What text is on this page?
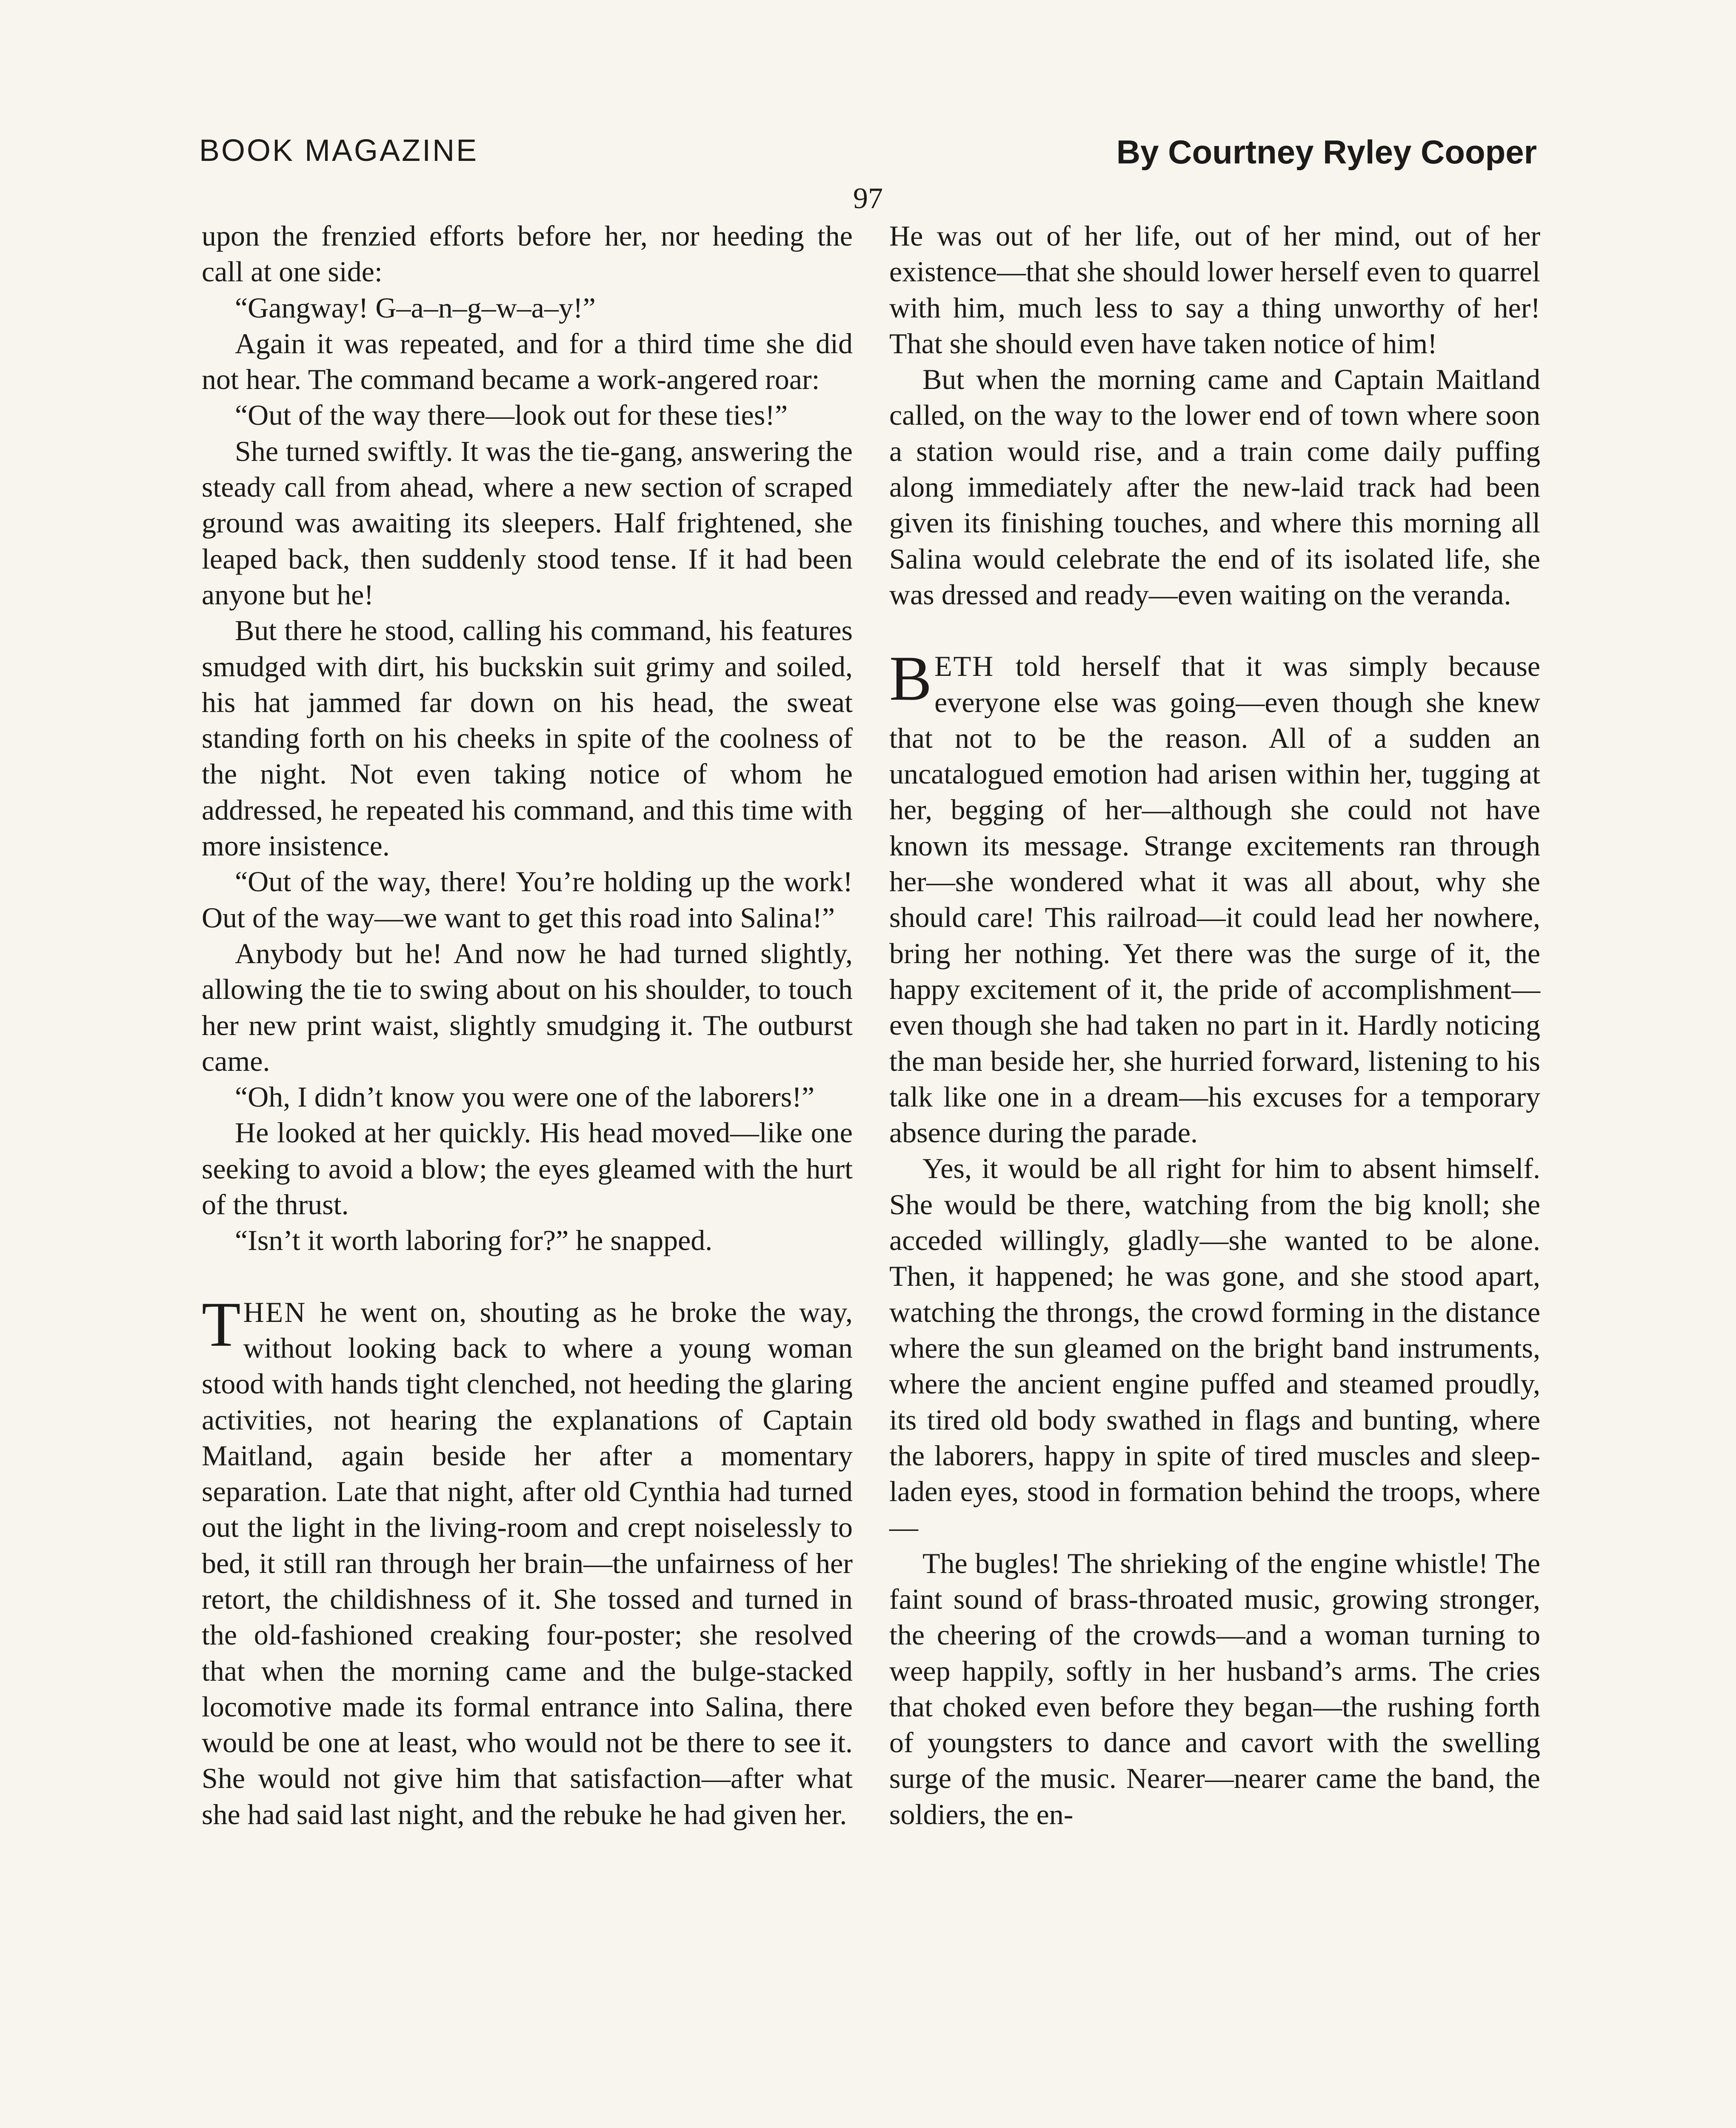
BOOK MAGAZINE	By Courtney Ryley Cooper
97

upon the frenzied efforts before her, nor heeding the call at one side:

“Gangway! G–a–n–g–w–a–y!”

Again it was repeated, and for a third time she did not hear. The command became a work-angered roar:

“Out of the way there—look out for these ties!”

She turned swiftly. It was the tie-gang, answering the steady call from ahead, where a new section of scraped ground was awaiting its sleepers. Half frightened, she leaped back, then suddenly stood tense. If it had been anyone but he!

But there he stood, calling his command, his features smudged with dirt, his buckskin suit grimy and soiled, his hat jammed far down on his head, the sweat standing forth on his cheeks in spite of the coolness of the night. Not even taking notice of whom he addressed, he repeated his command, and this time with more insistence.

“Out of the way, there! You’re holding up the work! Out of the way—we want to get this road into Salina!”

Anybody but he! And now he had turned slightly, allowing the tie to swing about on his shoulder, to touch her new print waist, slightly smudging it. The outburst came.

“Oh, I didn’t know you were one of the laborers!”

He looked at her quickly. His head moved—like one seeking to avoid a blow; the eyes gleamed with the hurt of the thrust.

“Isn’t it worth laboring for?” he snapped.

THEN he went on, shouting as he broke the way, without looking back to where a young woman stood with hands tight clenched, not heeding the glaring activities, not hearing the explanations of Captain Maitland, again beside her after a momentary separation. Late that night, after old Cynthia had turned out the light in the living-room and crept noiselessly to bed, it still ran through her brain—the unfairness of her retort, the childishness of it. She tossed and turned in the old-fashioned creaking four-poster; she resolved that when the morning came and the bulge-stacked locomotive made its formal entrance into Salina, there would be one at least, who would not be there to see it. She would not give him that satisfaction—after what she had said last night, and the rebuke he had given her.

He was out of her life, out of her mind, out of her existence—that she should lower herself even to quarrel with him, much less to say a thing unworthy of her! That she should even have taken notice of him!

But when the morning came and Captain Maitland called, on the way to the lower end of town where soon a station would rise, and a train come daily puffing along immediately after the new-laid track had been given its finishing touches, and where this morning all Salina would celebrate the end of its isolated life, she was dressed and ready—even waiting on the veranda.

BETH told herself that it was simply because everyone else was going—even though she knew that not to be the reason. All of a sudden an uncatalogued emotion had arisen within her, tugging at her, begging of her—although she could not have known its message. Strange excitements ran through her—she wondered what it was all about, why she should care! This railroad—it could lead her nowhere, bring her nothing. Yet there was the surge of it, the happy excitement of it, the pride of accomplishment—even though she had taken no part in it. Hardly noticing the man beside her, she hurried forward, listening to his talk like one in a dream—his excuses for a temporary absence during the parade.

Yes, it would be all right for him to absent himself. She would be there, watching from the big knoll; she acceded willingly, gladly—she wanted to be alone. Then, it happened; he was gone, and she stood apart, watching the throngs, the crowd forming in the distance where the sun gleamed on the bright band instruments, where the ancient engine puffed and steamed proudly, its tired old body swathed in flags and bunting, where the laborers, happy in spite of tired muscles and sleep-laden eyes, stood in formation behind the troops, where—

The bugles! The shrieking of the engine whistle! The faint sound of brass-throated music, growing stronger, the cheering of the crowds—and a woman turning to weep happily, softly in her husband’s arms. The cries that choked even before they began—the rushing forth of youngsters to dance and cavort with the swelling surge of the music. Nearer—nearer came the band, the soldiers, the en-
